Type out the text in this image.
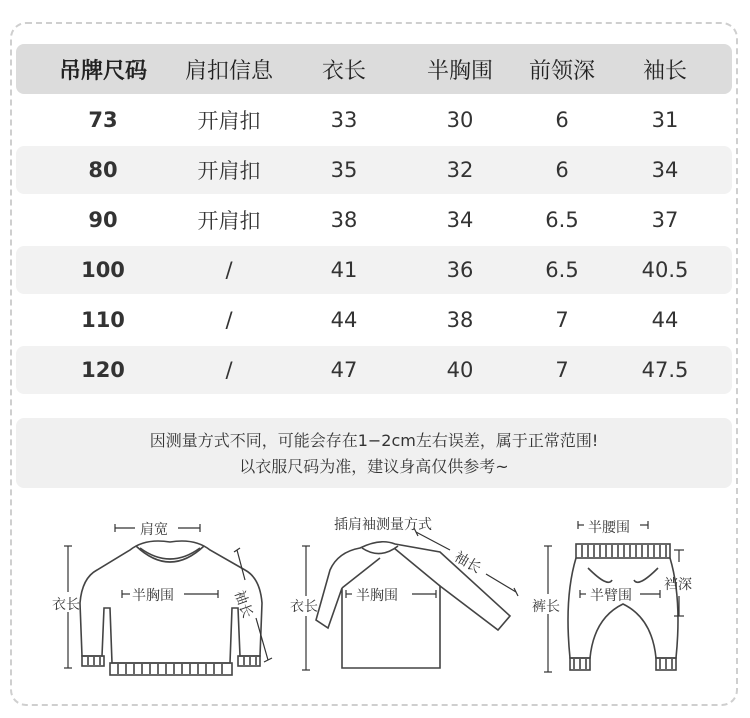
吊牌尺码	肩扣信息	衣长	半胸围	前领深	袖长
73	开肩扣	33	30	6	31
80	开肩扣	35	32	6	34
90	开肩扣	38	34	6.5	37
100	/	41	36	6.5	40.5
110	/	44	38	7	44
120	/	47	40	7	47.5
因测量方式不同，可能会存在1−2cm左右误差，属于正常范围!
以衣服尺码为准，建议身高仅供参考~
肩宽
半胸围
衣长	袖长
插肩袖测量方式
半胸围
衣长
袖长
半腰围
半臂围
裤长
裆深
